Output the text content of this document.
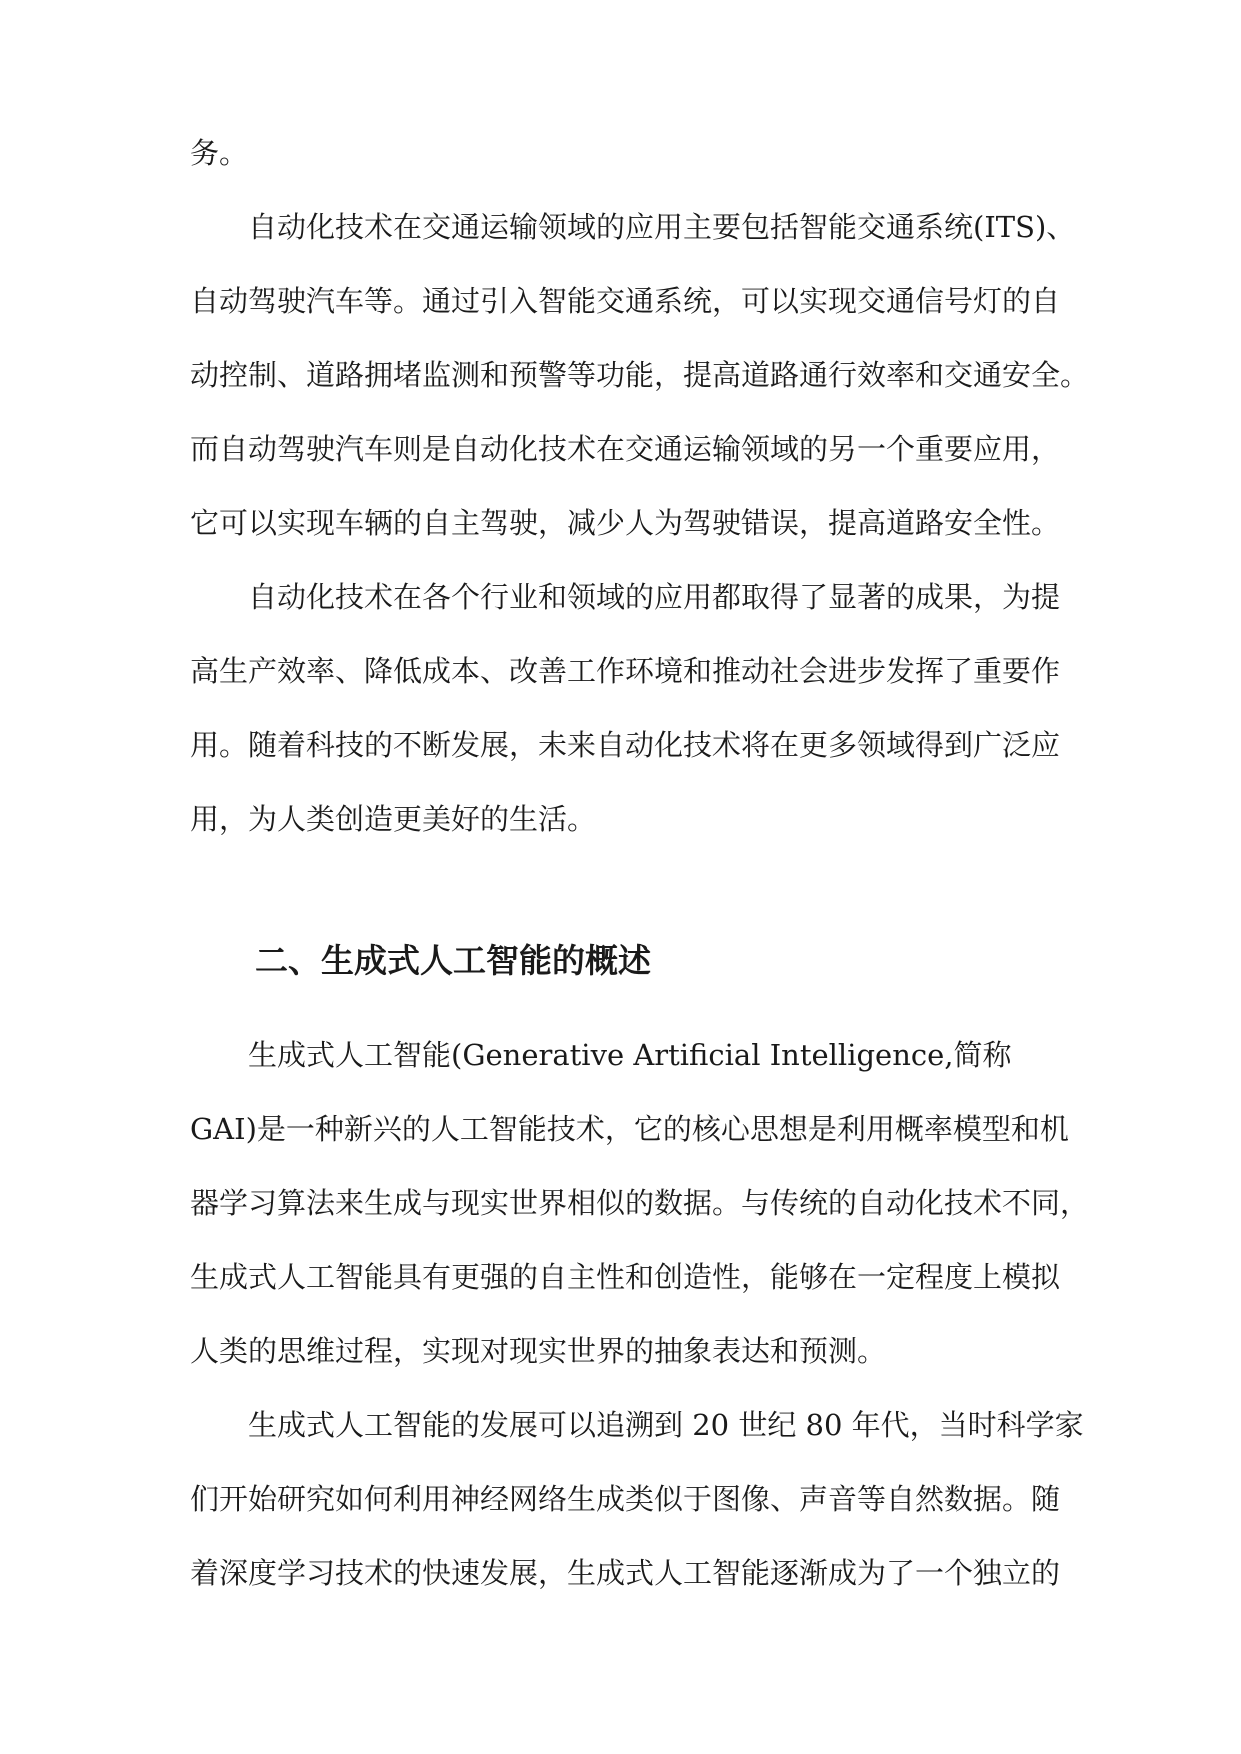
务。
自动化技术在交通运输领域的应用主要包括智能交通系统(ITS)、
自动驾驶汽车等。通过引入智能交通系统，可以实现交通信号灯的自
动控制、道路拥堵监测和预警等功能，提高道路通行效率和交通安全。
而自动驾驶汽车则是自动化技术在交通运输领域的另一个重要应用，
它可以实现车辆的自主驾驶，减少人为驾驶错误，提高道路安全性。
自动化技术在各个行业和领域的应用都取得了显著的成果，为提
高生产效率、降低成本、改善工作环境和推动社会进步发挥了重要作
用。随着科技的不断发展，未来自动化技术将在更多领域得到广泛应
用，为人类创造更美好的生活。
二、生成式人工智能的概述
生成式人工智能(Generative Artificial Intelligence,简称
GAI)是一种新兴的人工智能技术，它的核心思想是利用概率模型和机
器学习算法来生成与现实世界相似的数据。与传统的自动化技术不同，
生成式人工智能具有更强的自主性和创造性，能够在一定程度上模拟
人类的思维过程，实现对现实世界的抽象表达和预测。
生成式人工智能的发展可以追溯到 20 世纪 80 年代，当时科学家
们开始研究如何利用神经网络生成类似于图像、声音等自然数据。随
着深度学习技术的快速发展，生成式人工智能逐渐成为了一个独立的
